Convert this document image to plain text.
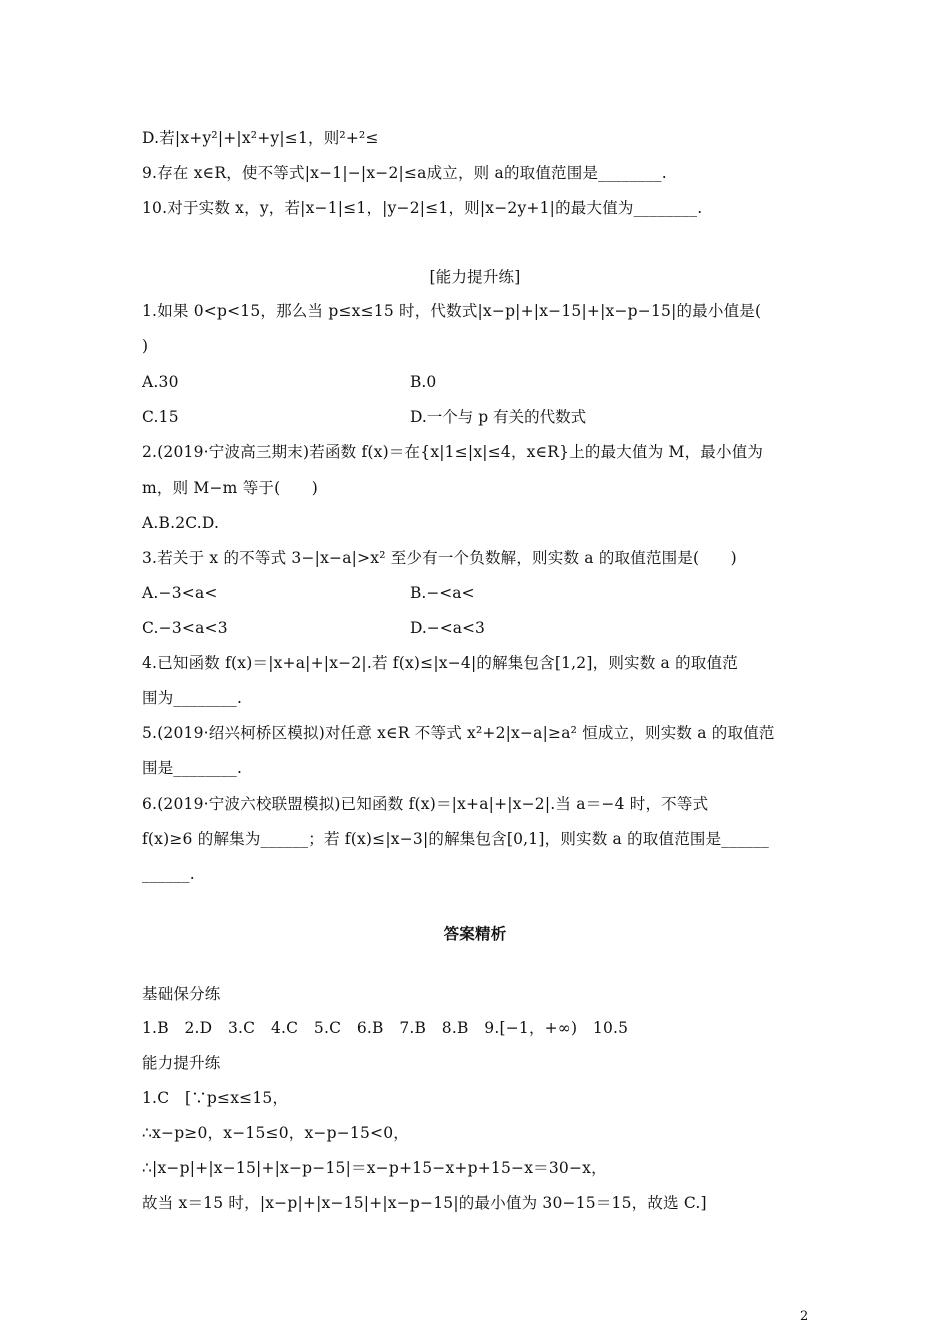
D.若|x+y²|+|x²+y|≤1，则²+²≤
9.存在 x∈R，使不等式|x−1|−|x−2|≤a成立，则 a的取值范围是________.
10.对于实数 x，y，若|x−1|≤1，|y−2|≤1，则|x−2y+1|的最大值为________.
[能力提升练]
1.如果 0<p<15，那么当 p≤x≤15 时，代数式|x−p|+|x−15|+|x−p−15|的最小值是(
)
A.30	B.0
C.15	D.一个与 p 有关的代数式
2.(2019·宁波高三期末)若函数 f(x)＝在{x|1≤|x|≤4，x∈R}上的最大值为 M，最小值为
m，则 M−m 等于(　　)
A.B.2C.D.
3.若关于 x 的不等式 3−|x−a|>x² 至少有一个负数解，则实数 a 的取值范围是(　　)
A.−3<a<	B.−<a<
C.−3<a<3	D.−<a<3
4.已知函数 f(x)＝|x+a|+|x−2|.若 f(x)≤|x−4|的解集包含[1,2]，则实数 a 的取值范
围为________.
5.(2019·绍兴柯桥区模拟)对任意 x∈R 不等式 x²+2|x−a|≥a² 恒成立，则实数 a 的取值范
围是________.
6.(2019·宁波六校联盟模拟)已知函数 f(x)＝|x+a|+|x−2|.当 a＝−4 时，不等式
f(x)≥6 的解集为______；若 f(x)≤|x−3|的解集包含[0,1]，则实数 a 的取值范围是______
______.
答案精析
基础保分练
1.B　2.D　3.C　4.C　5.C　6.B　7.B　8.B　9.[−1，+∞)　10.5
能力提升练
1.C　[∵p≤x≤15，
∴x−p≥0，x−15≤0，x−p−15<0，
∴|x−p|+|x−15|+|x−p−15|＝x−p+15−x+p+15−x＝30−x，
故当 x＝15 时，|x−p|+|x−15|+|x−p−15|的最小值为 30−15＝15，故选 C.]
2
